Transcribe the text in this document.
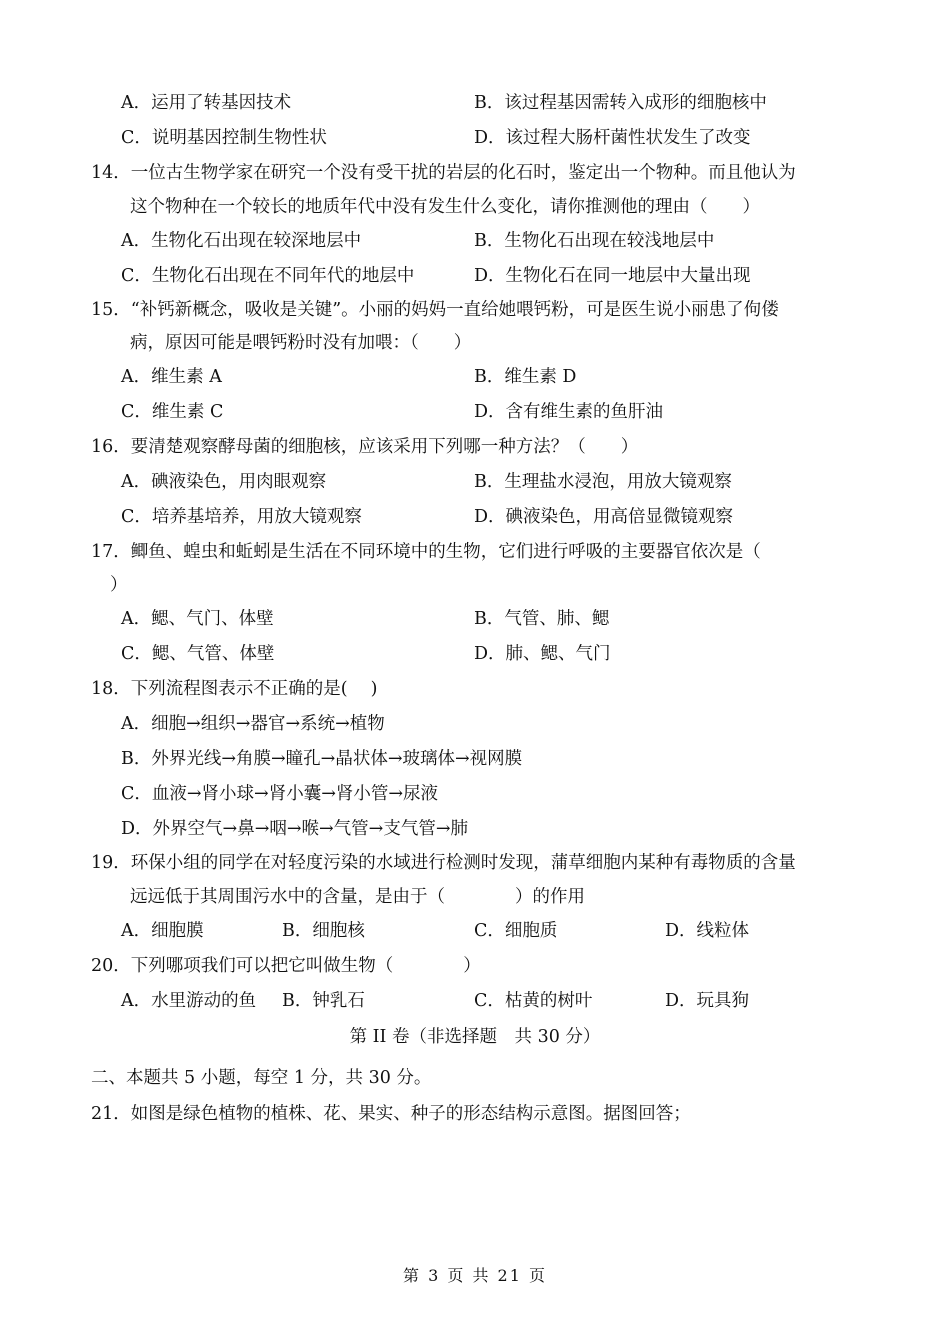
A．运用了转基因技术	B．该过程基因需转入成形的细胞核中
C．说明基因控制生物性状	D．该过程大肠杆菌性状发生了改变
14．一位古生物学家在研究一个没有受干扰的岩层的化石时，鉴定出一个物种。而且他认为
这个物种在一个较长的地质年代中没有发生什么变化，请你推测他的理由（　　）
A．生物化石出现在较深地层中	B．生物化石出现在较浅地层中
C．生物化石出现在不同年代的地层中	D．生物化石在同一地层中大量出现
15．“补钙新概念，吸收是关键”。小丽的妈妈一直给她喂钙粉，可是医生说小丽患了佝偻
病，原因可能是喂钙粉时没有加喂：（　　）
A．维生素 A	B．维生素 D
C．维生素 C	D．含有维生素的鱼肝油
16．要清楚观察酵母菌的细胞核，应该采用下列哪一种方法？（　　）
A．碘液染色，用肉眼观察	B．生理盐水浸泡，用放大镜观察
C．培养基培养，用放大镜观察	D．碘液染色，用高倍显微镜观察
17．鲫鱼、蝗虫和蚯蚓是生活在不同环境中的生物，它们进行呼吸的主要器官依次是（
）
A．鳃、气门、体壁	B．气管、肺、鳃
C．鳃、气管、体壁	D．肺、鳃、气门
18．下列流程图表示不正确的是(　 )
A．细胞→组织→器官→系统→植物
B．外界光线→角膜→瞳孔→晶状体→玻璃体→视网膜
C．血液→肾小球→肾小囊→肾小管→尿液
D．外界空气→鼻→咽→喉→气管→支气管→肺
19．环保小组的同学在对轻度污染的水域进行检测时发现，蒲草细胞内某种有毒物质的含量
远远低于其周围污水中的含量，是由于（　　　　）的作用
A．细胞膜	B．细胞核	C．细胞质	D．线粒体
20．下列哪项我们可以把它叫做生物（　　　　）
A．水里游动的鱼 B．钟乳石	C．枯黄的树叶	D．玩具狗
第 II 卷（非选择题　共 30 分）
二、本题共 5 小题，每空 1 分，共 30 分。
21．如图是绿色植物的植株、花、果实、种子的形态结构示意图。据图回答；
第 3 页 共 21 页
